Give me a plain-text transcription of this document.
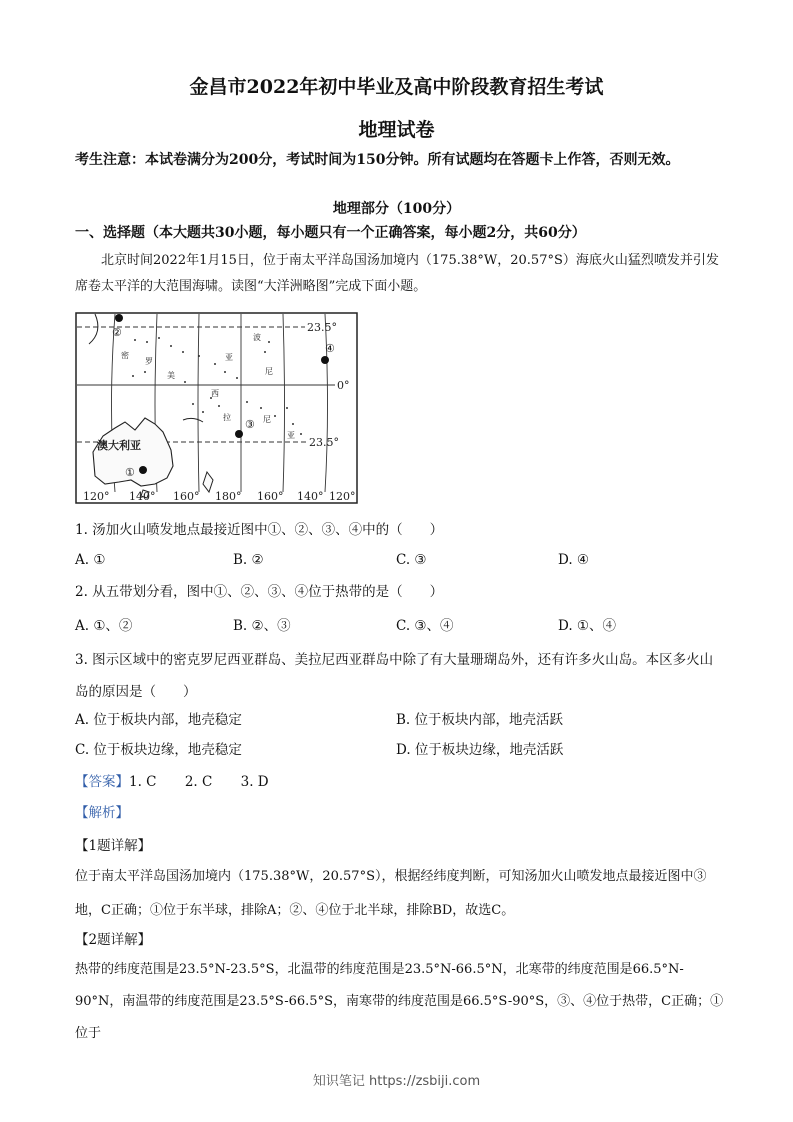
金昌市2022年初中毕业及高中阶段教育招生考试
地理试卷
考生注意：本试卷满分为200分，考试时间为150分钟。所有试题均在答题卡上作答，否则无效。
地理部分（100分）
一、选择题（本大题共30小题，每小题只有一个正确答案，每小题2分，共60分）
北京时间2022年1月15日，位于南太平洋岛国汤加境内（175.38°W，20.57°S）海底火山猛烈喷发并引发席卷太平洋的大范围海啸。读图“大洋洲略图”完成下面小题。
澳大利亚
密
罗
美
波
亚
尼
西
拉	尼
亚
②
④
③
①
23.5°
0°
23.5°
120° 140° 160° 180° 160° 140° 120°
1. 汤加火山喷发地点最接近图中①、②、③、④中的（　　）
A. ①	B. ②	C. ③	D. ④
2. 从五带划分看，图中①、②、③、④位于热带的是（　　）
A. ①、②	B. ②、③	C. ③、④	D. ①、④
3. 图示区域中的密克罗尼西亚群岛、美拉尼西亚群岛中除了有大量珊瑚岛外，还有许多火山岛。本区多火山岛的原因是（　　）
A. 位于板块内部，地壳稳定	B. 位于板块内部，地壳活跃
C. 位于板块边缘，地壳稳定	D. 位于板块边缘，地壳活跃
【答案】1. C 2. C 3. D
【解析】
【1题详解】
位于南太平洋岛国汤加境内（175.38°W，20.57°S），根据经纬度判断，可知汤加火山喷发地点最接近图中③地，C正确；①位于东半球，排除A；②、④位于北半球，排除BD，故选C。
【2题详解】
热带的纬度范围是23.5°N-23.5°S，北温带的纬度范围是23.5°N-66.5°N，北寒带的纬度范围是66.5°N-90°N，南温带的纬度范围是23.5°S-66.5°S，南寒带的纬度范围是66.5°S-90°S，③、④位于热带，C正确；①位于
知识笔记 https://zsbiji.com
